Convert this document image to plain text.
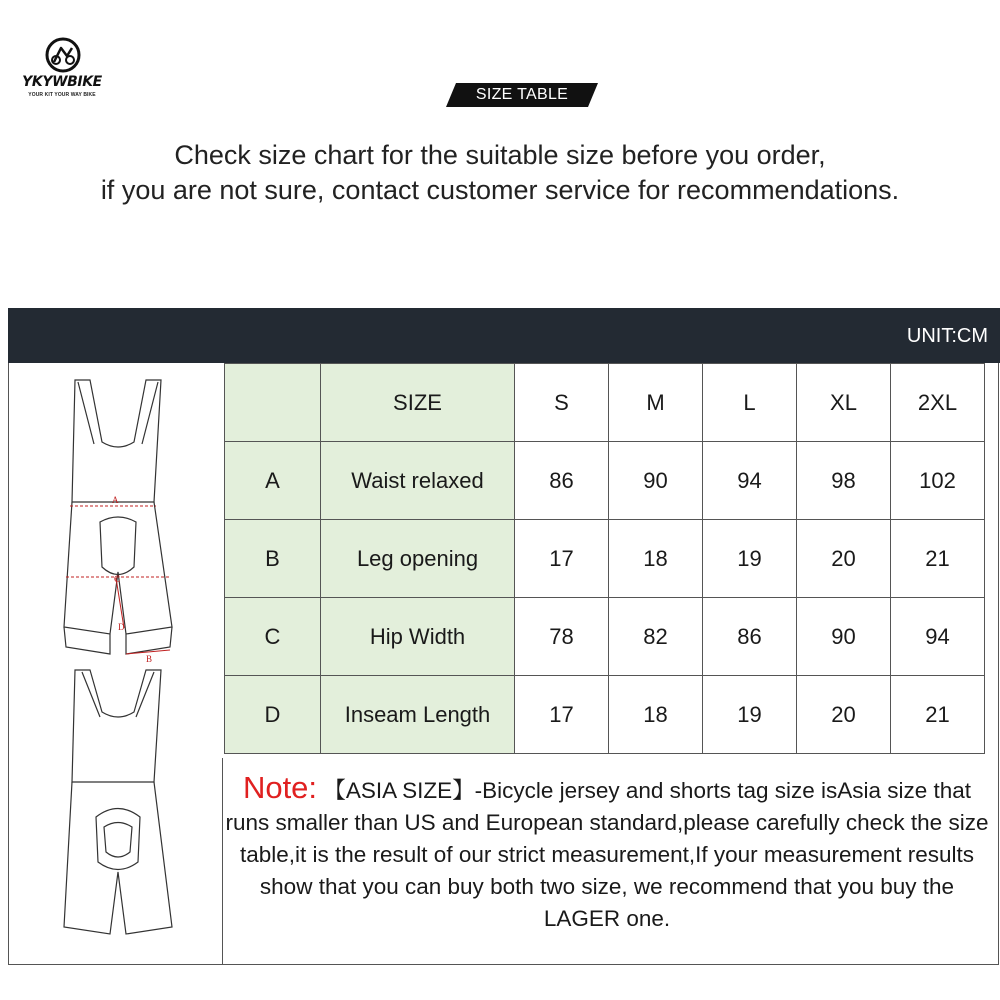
YKYWBIKE
YOUR KIT YOUR WAY BIKE	SIZE TABLE
Check size chart for the suitable size before you order,
if you are not sure, contact customer service for recommendations.
UNIT:CM
A
C
D
B
	SIZE	S	M	L	XL	2XL
A	Waist relaxed	86	90	94	98	102
B	Leg opening	17	18	19	20	21
C	Hip Width	78	82	86	90	94
D	Inseam Length	17	18	19	20	21
Note: 【ASIA SIZE】-Bicycle jersey and shorts tag size isAsia size that runs smaller than US and European standard,please carefully check the size table,it is the result of our strict measurement,If your measurement results show that you can buy both two size, we recommend that you buy the LAGER one.
